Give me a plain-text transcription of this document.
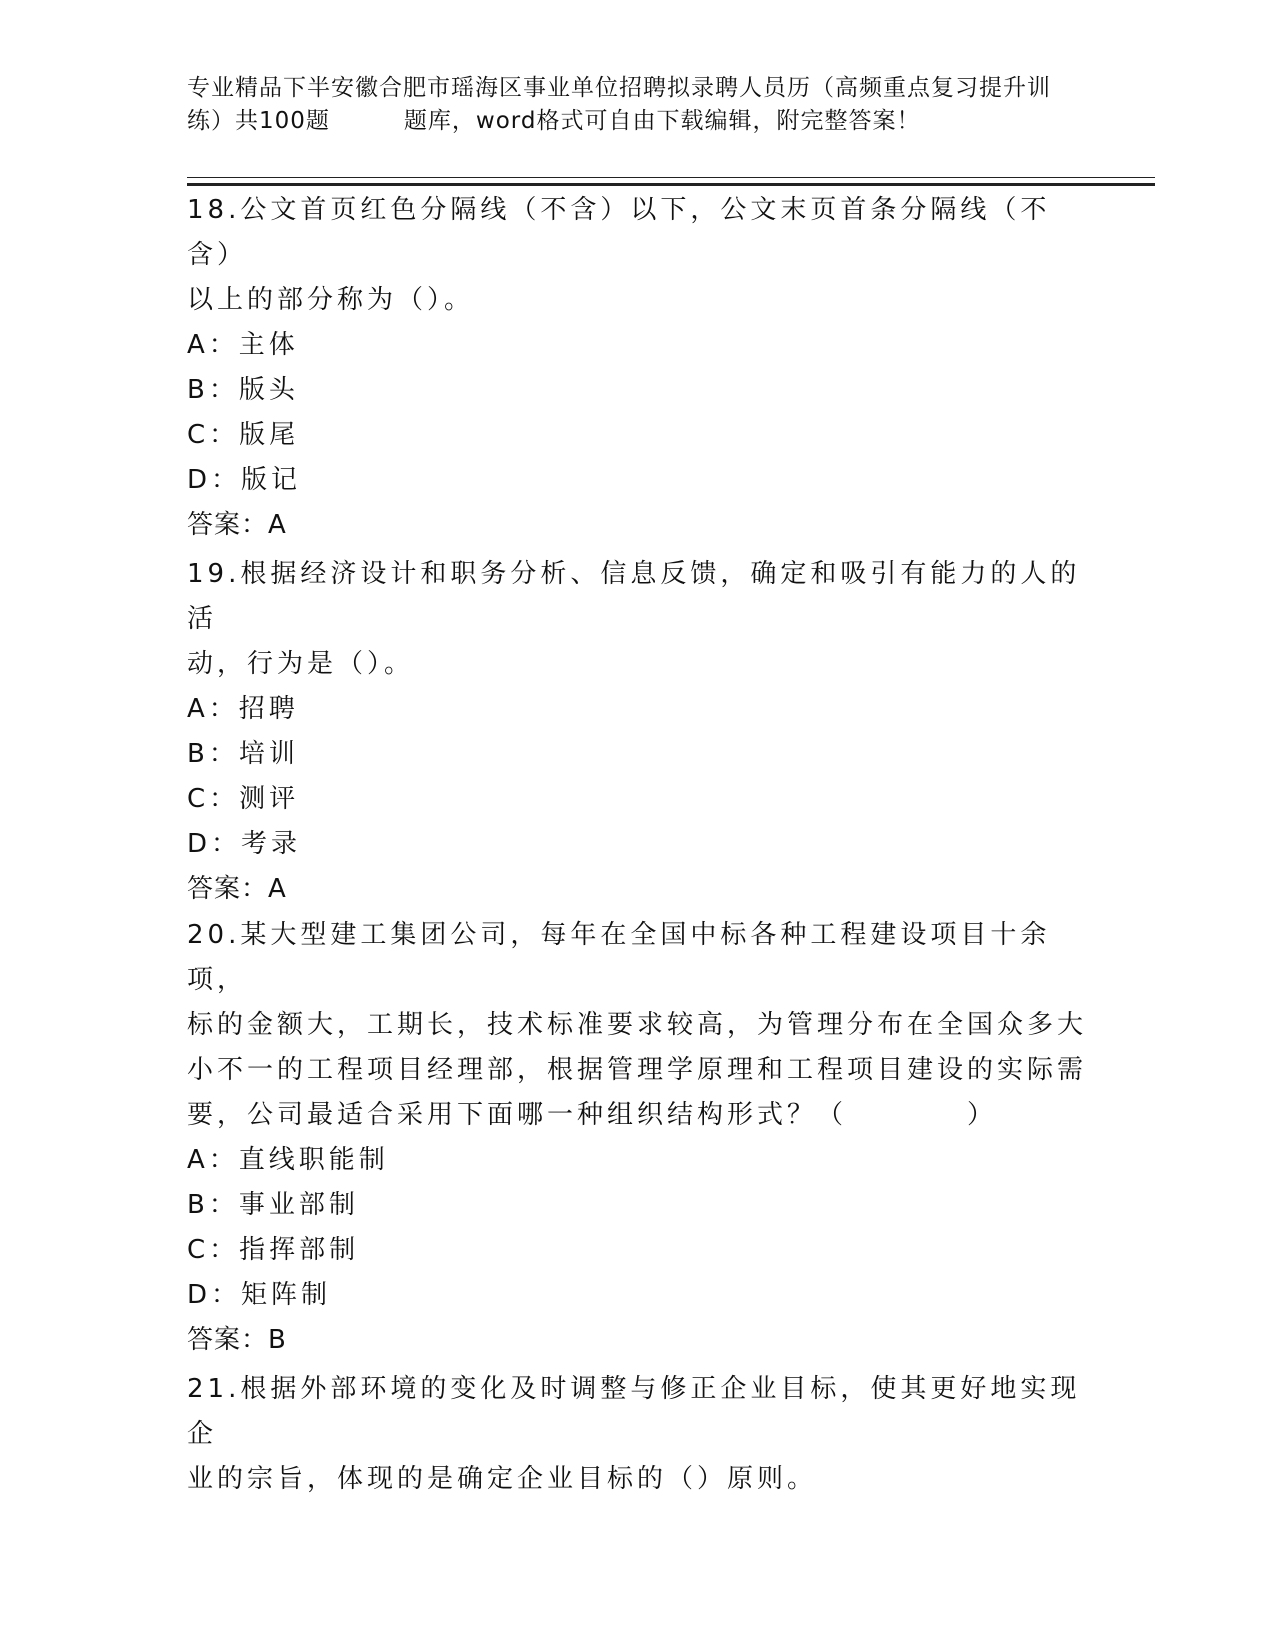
专业精品下半安徽合肥市瑶海区事业单位招聘拟录聘人员历（高频重点复习提升训
练）共100题	题库，word格式可自由下载编辑，附完整答案！
18.公文首页红色分隔线（不含）以下，公文末页首条分隔线（不含）
以上的部分称为（）。
A：主体
B：版头
C：版尾
D：版记
答案：A
19.根据经济设计和职务分析、信息反馈，确定和吸引有能力的人的活
动，行为是（）。
A：招聘
B：培训
C：测评
D：考录
答案：A
20.某大型建工集团公司，每年在全国中标各种工程建设项目十余项，
标的金额大，工期长，技术标准要求较高，为管理分布在全国众多大
小不一的工程项目经理部，根据管理学原理和工程项目建设的实际需
要，公司最适合采用下面哪一种组织结构形式？（　　　　）
A：直线职能制
B：事业部制
C：指挥部制
D：矩阵制
答案：B
21.根据外部环境的变化及时调整与修正企业目标，使其更好地实现企
业的宗旨，体现的是确定企业目标的（）原则。
